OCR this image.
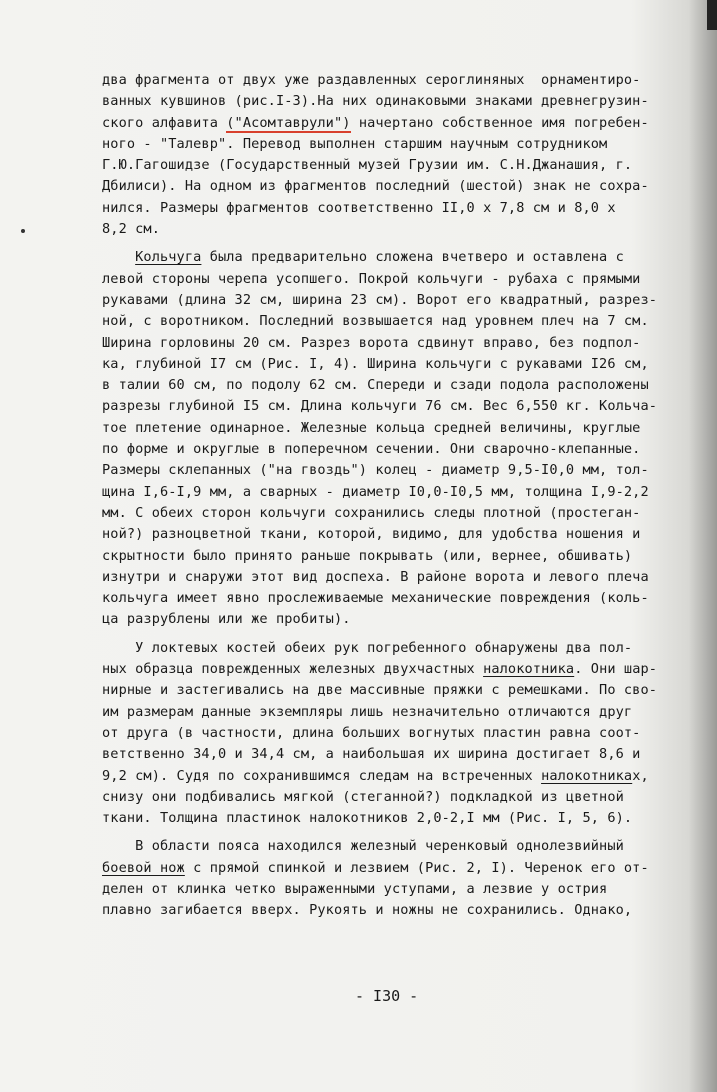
два фрагмента от двух уже раздавленных сероглиняных  орнаментиро-
ванных кувшинов (рис.I-3).На них одинаковыми знаками древнегрузин-
ского алфавита ("Асомтаврули") начертано собственное имя погребен-
ного - "Талевр". Перевод выполнен старшим научным сотрудником
Г.Ю.Гагошидзе (Государственный музей Грузии им. С.Н.Джанашия, г.
Дбилиси). На одном из фрагментов последний (шестой) знак не сохра-
нился. Размеры фрагментов соответственно II,0 х 7,8 см и 8,0 х
8,2 см.
Кольчуга была предварительно сложена вчетверо и оставлена с
левой стороны черепа усопшего. Покрой кольчуги - рубаха с прямыми
рукавами (длина 32 см, ширина 23 см). Ворот его квадратный, разрез-
ной, с воротником. Последний возвышается над уровнем плеч на 7 см.
Ширина горловины 20 см. Разрез ворота сдвинут вправо, без подпол-
ка, глубиной I7 см (Рис. I, 4). Ширина кольчуги с рукавами I26 см,
в талии 60 см, по подолу 62 см. Спереди и сзади подола расположены
разрезы глубиной I5 см. Длина кольчуги 76 см. Вес 6,550 кг. Кольча-
тое плетение одинарное. Железные кольца средней величины, круглые
по форме и округлые в поперечном сечении. Они сварочно-клепанные.
Размеры склепанных ("на гвоздь") колец - диаметр 9,5-I0,0 мм, тол-
щина I,6-I,9 мм, а сварных - диаметр I0,0-I0,5 мм, толщина I,9-2,2
мм. С обеих сторон кольчуги сохранились следы плотной (простеган-
ной?) разноцветной ткани, которой, видимо, для удобства ношения и
скрытности было принято раньше покрывать (или, вернее, обшивать)
изнутри и снаружи этот вид доспеха. В районе ворота и левого плеча
кольчуга имеет явно прослеживаемые механические повреждения (коль-
ца разрублены или же пробиты).
У локтевых костей обеих рук погребенного обнаружены два пол-
ных образца поврежденных железных двухчастных налокотника. Они шар-
нирные и застегивались на две массивные пряжки с ремешками. По сво-
им размерам данные экземпляры лишь незначительно отличаются друг
от друга (в частности, длина больших вогнутых пластин равна соот-
ветственно 34,0 и 34,4 см, а наибольшая их ширина достигает 8,6 и
9,2 см). Судя по сохранившимся следам на встреченных налокотниках,
снизу они подбивались мягкой (стеганной?) подкладкой из цветной
ткани. Толщина пластинок налокотников 2,0-2,I мм (Рис. I, 5, 6).
В области пояса находился железный черенковый однолезвийный
боевой нож с прямой спинкой и лезвием (Рис. 2, I). Черенок его от-
делен от клинка четко выраженными уступами, а лезвие у острия
плавно загибается вверх. Рукоять и ножны не сохранились. Однако,
- I30 -
